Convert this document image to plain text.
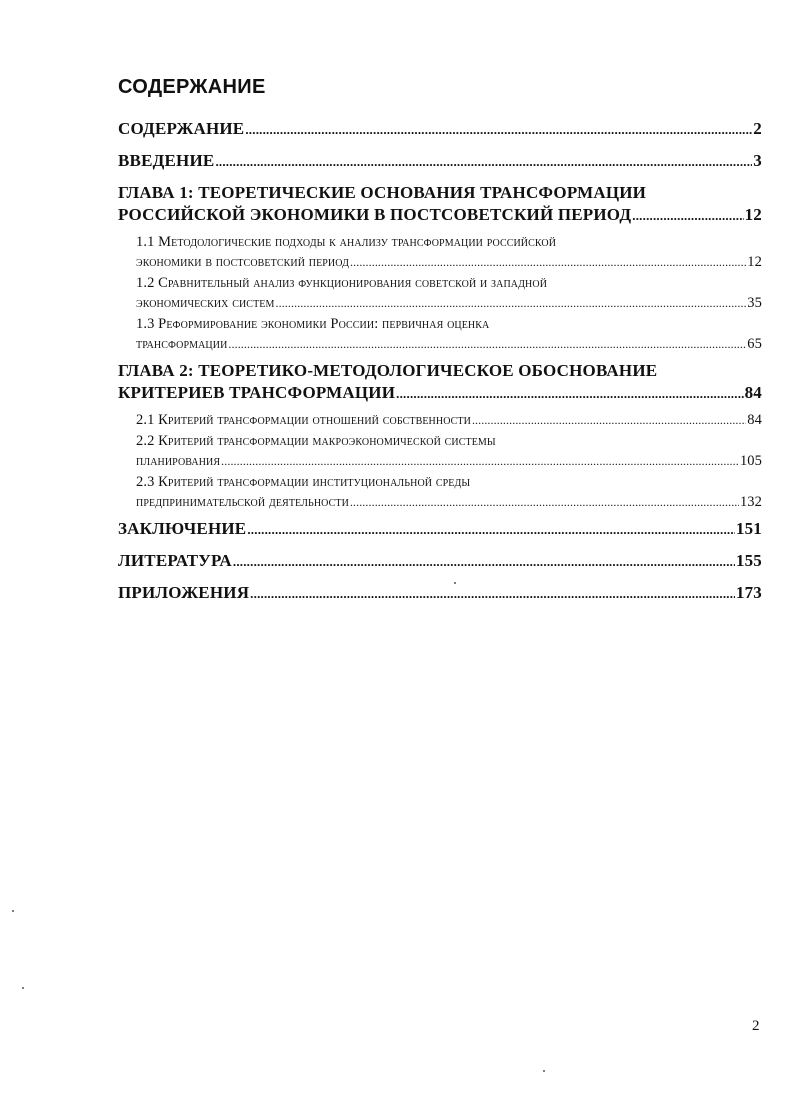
СОДЕРЖАНИЕ
СОДЕРЖАНИЕ .....	2
ВВЕДЕНИЕ .....	3
ГЛАВА 1: ТЕОРЕТИЧЕСКИЕ ОСНОВАНИЯ ТРАНСФОРМАЦИИ
РОССИЙСКОЙ ЭКОНОМИКИ В ПОСТСОВЕТСКИЙ ПЕРИОД .....	12
1.1 Методологические подходы к анализу трансформации российской
экономики в постсоветский период .....	12
1.2 Сравнительный анализ функционирования советской и западной
экономических систем .....	35
1.3 Реформирование экономики России: первичная оценка
трансформации .....	65
ГЛАВА 2: ТЕОРЕТИКО-МЕТОДОЛОГИЧЕСКОЕ ОБОСНОВАНИЕ
КРИТЕРИЕВ ТРАНСФОРМАЦИИ .....	84
2.1 Критерий трансформации отношений собственности .....	84
2.2 Критерий трансформации макроэкономической системы
планирования .....	105
2.3 Критерий трансформации институциональной среды
предпринимательской деятельности .....	132
ЗАКЛЮЧЕНИЕ .....	151
ЛИТЕРАТУРА .....	155
ПРИЛОЖЕНИЯ .....	173
2
